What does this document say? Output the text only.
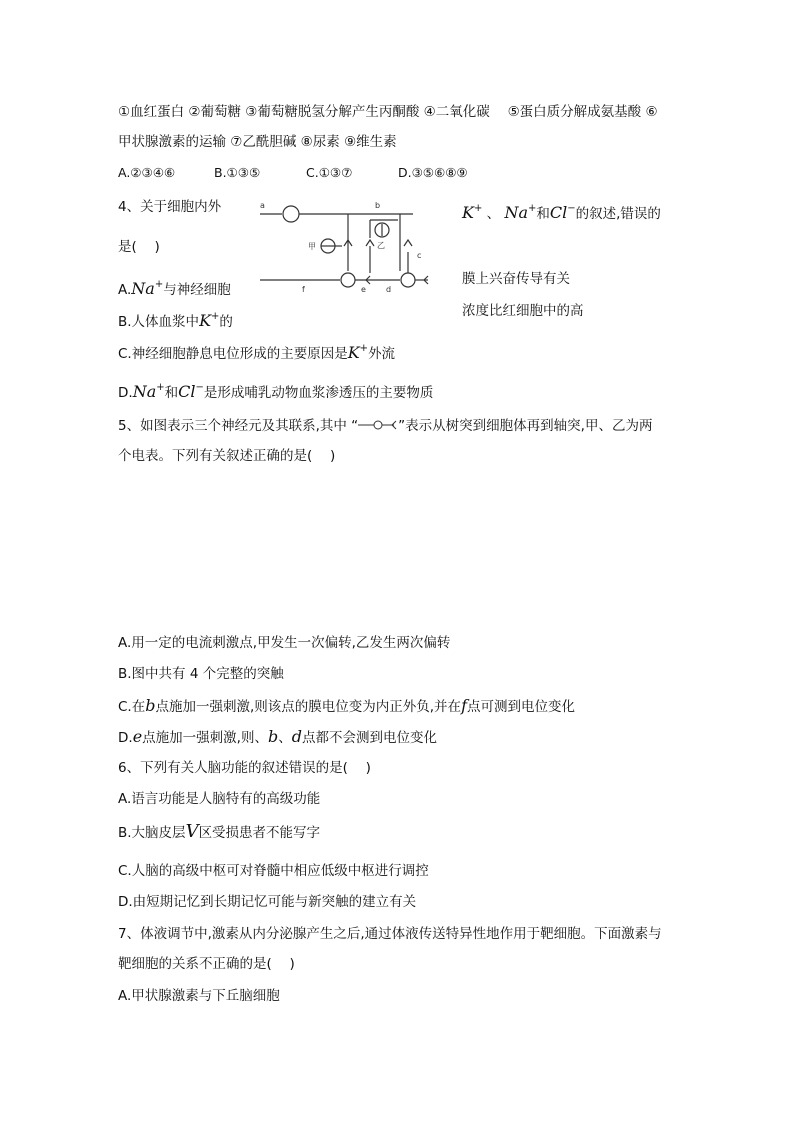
①血红蛋白 ②葡萄糖 ③葡萄糖脱氢分解产生丙酮酸 ④二氧化碳　 ⑤蛋白质分解成氨基酸 ⑥
甲状腺激素的运输 ⑦乙酰胆碱 ⑧尿素 ⑨维生素
A.②③④⑥	B.①③⑤	C.①③⑦	D.③⑤⑥⑧⑨
4、关于细胞内外	K+ 、 Na+和Cl−的叙述,错误的
是(　 )
A.Na+与神经细胞
膜上兴奋传导有关
B.人体血浆中K+的
浓度比红细胞中的高
C.神经细胞静息电位形成的主要原因是K+外流
D.Na+和Cl−是形成哺乳动物血浆渗透压的主要物质
a	b
c
d
e
f
甲	乙
5、如图表示三个神经元及其联系,其中 “	”表示从树突到细胞体再到轴突,甲、乙为两
个电表。下列有关叙述正确的是(　 )
A.用一定的电流刺激点,甲发生一次偏转,乙发生两次偏转
B.图中共有 4 个完整的突触
C.在b点施加一强刺激,则该点的膜电位变为内正外负,并在f点可测到电位变化
D.e点施加一强刺激,则、b、d点都不会测到电位变化
6、下列有关人脑功能的叙述错误的是(　 )
A.语言功能是人脑特有的高级功能
B.大脑皮层V区受损患者不能写字
C.人脑的高级中枢可对脊髓中相应低级中枢进行调控
D.由短期记忆到长期记忆可能与新突触的建立有关
7、体液调节中,激素从内分泌腺产生之后,通过体液传送特异性地作用于靶细胞。下面激素与
靶细胞的关系不正确的是(　 )
A.甲状腺激素与下丘脑细胞
